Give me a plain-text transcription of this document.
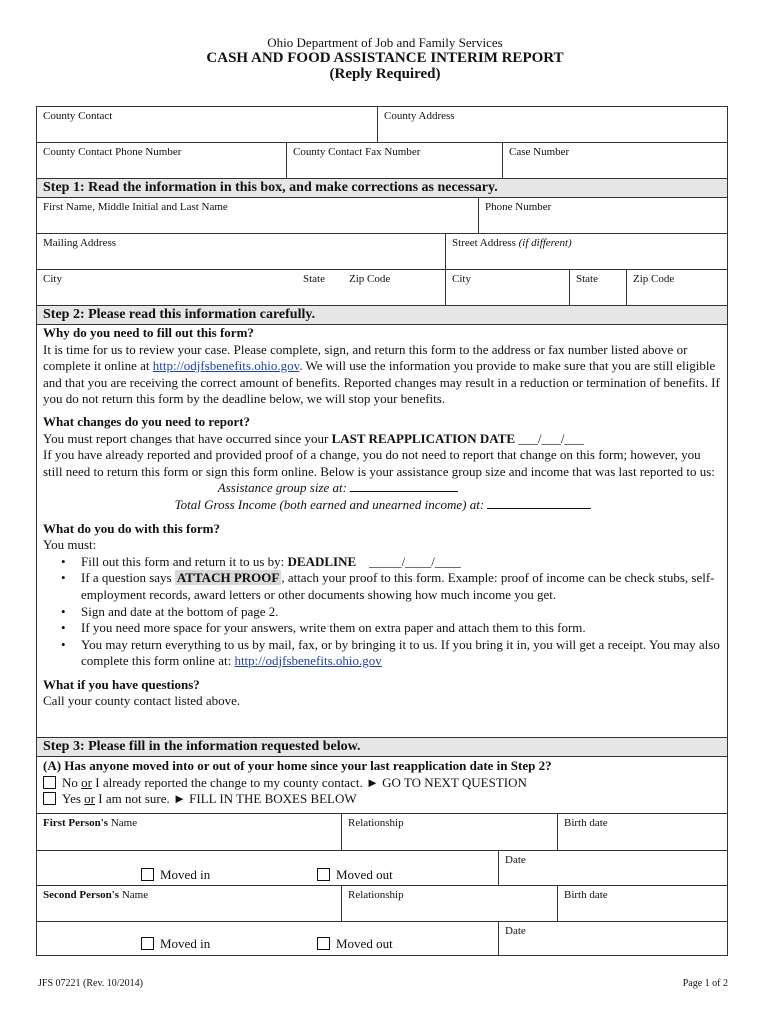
Ohio Department of Job and Family Services
CASH AND FOOD ASSISTANCE INTERIM REPORT
(Reply Required)
County Contact	County Address
County Contact Phone Number	County Contact Fax Number	Case Number
Step 1: Read the information in this box, and make corrections as necessary.
First Name, Middle Initial and Last Name	Phone Number
Mailing Address	Street Address (if different)
City	State Zip Code	City	State	Zip Code
Step 2: Please read this information carefully.
Why do you need to fill out this form?
It is time for us to review your case. Please complete, sign, and return this form to the address or fax number listed above or complete it online at http://odjfsbenefits.ohio.gov. We will use the information you provide to make sure that you are still eligible and that you are receiving the correct amount of benefits. Reported changes may result in a reduction or termination of benefits. If you do not return this form by the deadline below, we will stop your benefits.
What changes do you need to report?
You must report changes that have occurred since your LAST REAPPLICATION DATE ___/___/___
If you have already reported and provided proof of a change, you do not need to report that change on this form; however, you still need to return this form or sign this form online. Below is your assistance group size and income that was last reported to us:
Assistance group size at:
Total Gross Income (both earned and unearned income) at:
What do you do with this form?
You must:
• Fill out this form and return it to us by: DEADLINE _____/____/____
• If a question says ATTACH PROOF , attach your proof to this form. Example: proof of income can be check stubs, self-employment records, award letters or other documents showing how much income you get.
• Sign and date at the bottom of page 2.
• If you need more space for your answers, write them on extra paper and attach them to this form.
• You may return everything to us by mail, fax, or by bringing it to us. If you bring it in, you will get a receipt. You may also complete this form online at: http://odjfsbenefits.ohio.gov
What if you have questions?
Call your county contact listed above.
Step 3: Please fill in the information requested below.
(A) Has anyone moved into or out of your home since your last reapplication date in Step 2?
No or I already reported the change to my county contact. ► GO TO NEXT QUESTION
Yes or I am not sure. ► FILL IN THE BOXES BELOW
First Person's Name	Relationship	Birth date
Moved in	Moved out
Date
Second Person's Name	Relationship	Birth date
Moved in	Moved out
Date
JFS 07221 (Rev. 10/2014)	Page 1 of 2
